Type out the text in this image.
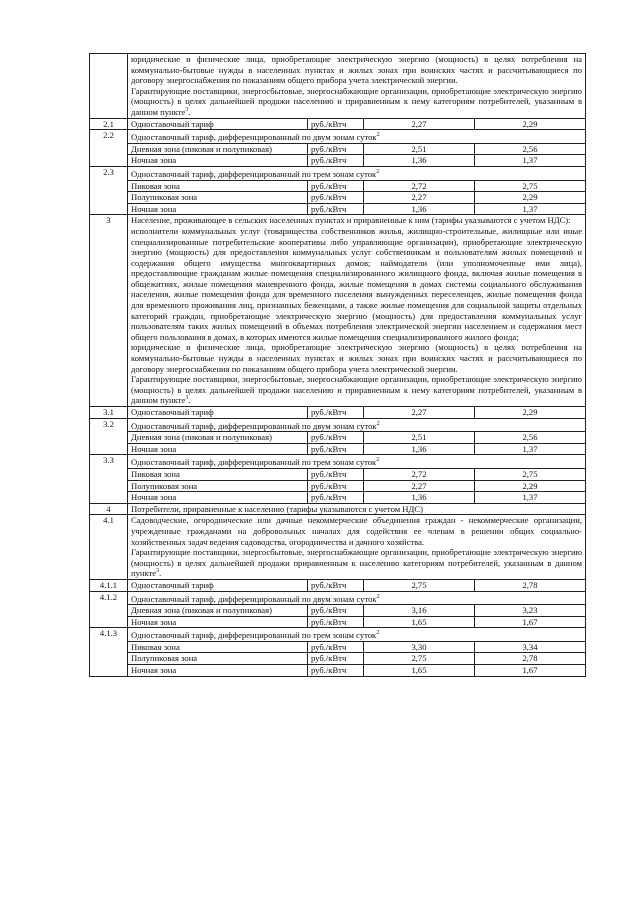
	юридические и физические лица, приобретающие электрическую энергию (мощность) в целях потребления на коммунально-бытовые нужды в населенных пунктах и жилых зонах при воинских частях и рассчитывающиеся по договору энергоснабжения по показаниям общего прибора учета электрической энергии.

Гарантирующие поставщики, энергосбытовые, энергоснабжающие организации, приобретающие электрическую энергию (мощность) в целях дальнейшей продажи населению и приравненным к нему категориям потребителей, указанным в данном пункте$^3$.			

2.1	Одноставочный тариф	руб./кВтч	2,27	2,29
2.2	Одноставочный тариф, дифференцированный по двум зонам суток$^2$
	Дневная зона (пиковая и полупиковая)	руб./кВтч	2,51	2,56
	Ночная зона	руб./кВтч	1,36	1,37
2.3	Одноставочный тариф, дифференцированный по трем зонам суток$^2$
	Пиковая зона	руб./кВтч	2,72	2,75
	Полупиковая зона	руб./кВтч	2,27	2,29
	Ночная зона	руб./кВтч	1,36	1,37
3	Население, проживающее в сельских населенных пунктах и приравненные к ним (тарифы указываются с учетом НДС):

исполнители коммунальных услуг (товарищества собственников жилья, жилищно-строительные, жилищные или иные специализированные потребительские кооперативы либо управляющие организации), приобретающие электрическую энергию (мощность) для предоставления коммунальных услуг собственникам и пользователям жилых помещений и содержания общего имущества многоквартирных домов; наймодатели (или уполномоченные ими лица), предоставляющие гражданам жилые помещения специализированного жилищного фонда, включая жилые помещения в общежитиях, жилые помещения маневренного фонда, жилые помещения в домах системы социального обслуживания населения, жилые помещения фонда для временного поселения вынужденных переселенцев, жилые помещения фонда для временного проживания лиц, признанных беженцами, а также жилые помещения для социальной защиты отдельных категорий граждан, приобретающие электрическую энергию (мощность) для предоставления коммунальных услуг пользователям таких жилых помещений в объемах потребления электрической энергии населением и содержания мест общего пользования в домах, в которых имеются жилые помещения специализированного жилого фонда;

юридические и физические лица, приобретающие электрическую энергию (мощность) в целях потребления на коммунально-бытовые нужды в населенных пунктах и жилых зонах при воинских частях и рассчитывающиеся по договору энергоснабжения по показаниям общего прибора учета электрической энергии.

Гарантирующие поставщики, энергосбытовые, энергоснабжающие организации, приобретающие электрическую энергию (мощность) в целях дальнейшей продажи населению и приравненным к нему категориям потребителей, указанным в данном пункте$^3$.			

3.1	Одноставочный тариф	руб./кВтч	2,27	2,29
3.2	Одноставочный тариф, дифференцированный по двум зонам суток$^2$
	Дневная зона (пиковая и полупиковая)	руб./кВтч	2,51	2,56
	Ночная зона	руб./кВтч	1,36	1,37
3.3	Одноставочный тариф, дифференцированный по трем зонам суток$^2$
	Пиковая зона	руб./кВтч	2,72	2,75
	Полупиковая зона	руб./кВтч	2,27	2,29
	Ночная зона	руб./кВтч	1,36	1,37
4	Потребители, приравненные к населению (тарифы указываются с учетом НДС)			

4.1	Садоводческие, огороднические или дачные некоммерческие объединения граждан - некоммерческие организации, учрежденные гражданами на добровольных началах для содействия ее членам в решении общих социально-хозяйственных задач ведения садоводства, огородничества и дачного хозяйства.

Гарантирующие поставщики, энергосбытовые, энергоснабжающие организации, приобретающие электрическую энергию (мощность) в целях дальнейшей продажи приравненным к населению категориям потребителей, указанным в данном пункте$^3$.			

4.1.1	Одноставочный тариф	руб./кВтч	2,75	2,78
4.1.2	Одноставочный тариф, дифференцированный по двум зонам суток$^2$
	Дневная зона (пиковая и полупиковая)	руб./кВтч	3,16	3,23
	Ночная зона	руб./кВтч	1,65	1,67
4.1.3	Одноставочный тариф, дифференцированный по трем зонам суток$^2$
	Пиковая зона	руб./кВтч	3,30	3,34
	Полупиковая зона	руб./кВтч	2,75	2,78
	Ночная зона	руб./кВтч	1,65	1,67
